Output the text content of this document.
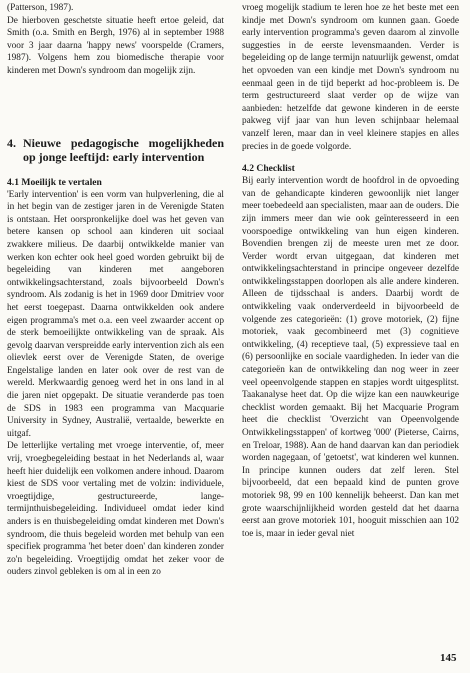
(Patterson, 1987).

De hierboven geschetste situatie heeft ertoe geleid, dat Smith (o.a. Smith en Bergh, 1976) al in september 1988 voor 3 jaar daarna 'happy news' voorspelde (Cramers, 1987). Volgens hem zou biomedische therapie voor kinderen met Down's syndroom dan mogelijk zijn.

4. Nieuwe pedagogische mogelijkheden op jonge leeftijd: early intervention
4.1 Moeilijk te vertalen

'Early intervention' is een vorm van hulpverlening, die al in het begin van de zestiger jaren in de Verenigde Staten is ontstaan. Het oorspronkelijke doel was het geven van betere kansen op school aan kinderen uit sociaal zwakkere milieus. De daarbij ontwikkelde manier van werken kon echter ook heel goed worden gebruikt bij de begeleiding van kinderen met aangeboren ontwikkelingsachterstand, zoals bijvoorbeeld Down's syndroom. Als zodanig is het in 1969 door Dmitriev voor het eerst toegepast. Daarna ontwikkelden ook andere eigen programma's met o.a. een veel zwaarder accent op de sterk bemoeilijkte ontwikkeling van de spraak. Als gevolg daarvan verspreidde early intervention zich als een olievlek eerst over de Verenigde Staten, de overige Engelstalige landen en later ook over de rest van de wereld. Merkwaardig genoeg werd het in ons land in al die jaren niet opgepakt. De situatie veranderde pas toen de SDS in 1983 een programma van Macquarie University in Sydney, Australië, vertaalde, bewerkte en uitgaf.

De letterlijke vertaling met vroege interventie, of, meer vrij, vroegbegeleiding bestaat in het Nederlands al, waar heeft hier duidelijk een volkomen andere inhoud. Daarom kiest de SDS voor vertaling met de volzin: individuele, vroegtijdige, gestructureerde, lange-termijnthuisbegeleiding. Individueel omdat ieder kind anders is en thuisbegeleiding omdat kinderen met Down's syndroom, die thuis begeleid worden met behulp van een specifiek programma 'het beter doen' dan kinderen zonder zo'n begeleiding. Vroegtijdig omdat het zeker voor de ouders zinvol gebleken is om al in een zo

vroeg mogelijk stadium te leren hoe ze het beste met een kindje met Down's syndroom om kunnen gaan. Goede early intervention programma's geven daarom al zinvolle suggesties in de eerste levensmaanden. Verder is begeleiding op de lange termijn natuurlijk gewenst, omdat het opvoeden van een kindje met Down's syndroom nu eenmaal geen in de tijd beperkt ad hoc-probleem is. De term gestructureerd slaat verder op de wijze van aanbieden: hetzelfde dat gewone kinderen in de eerste pakweg vijf jaar van hun leven schijnbaar helemaal vanzelf leren, maar dan in veel kleinere stapjes en alles precies in de goede volgorde.

4.2 Checklist

Bij early intervention wordt de hoofdrol in de opvoeding van de gehandicapte kinderen gewoonlijk niet langer meer toebedeeld aan specialisten, maar aan de ouders. Die zijn immers meer dan wie ook geïnteresseerd in een voorspoedige ontwikkeling van hun eigen kinderen. Bovendien brengen zij de meeste uren met ze door. Verder wordt ervan uitgegaan, dat kinderen met ontwikkelingsachterstand in principe ongeveer dezelfde ontwikkelingsstappen doorlopen als alle andere kinderen. Alleen de tijdsschaal is anders. Daarbij wordt de ontwikkeling vaak onderverdeeld in bijvoorbeeld de volgende zes categorieën: (1) grove motoriek, (2) fijne motoriek, vaak gecombineerd met (3) cognitieve ontwikkeling, (4) receptieve taal, (5) expressieve taal en (6) persoonlijke en sociale vaardigheden. In ieder van die categorieën kan de ontwikkeling dan nog weer in zeer veel opeenvolgende stappen en stapjes wordt uitgesplitst. Taakanalyse heet dat. Op die wijze kan een nauwkeurige checklist worden gemaakt. Bij het Macquarie Program heet die checklist 'Overzicht van Opeenvolgende Ontwikkelingsstappen' of kortweg '000' (Pieterse, Cairns, en Treloar, 1988). Aan de hand daarvan kan dan periodiek worden nagegaan, of 'getoetst', wat kinderen wel kunnen. In principe kunnen ouders dat zelf leren. Stel bijvoorbeeld, dat een bepaald kind de punten grove motoriek 98, 99 en 100 kennelijk beheerst. Dan kan met grote waarschijnlijkheid worden gesteld dat het daarna eerst aan grove motoriek 101, hooguit misschien aan 102 toe is, maar in ieder geval niet

145
